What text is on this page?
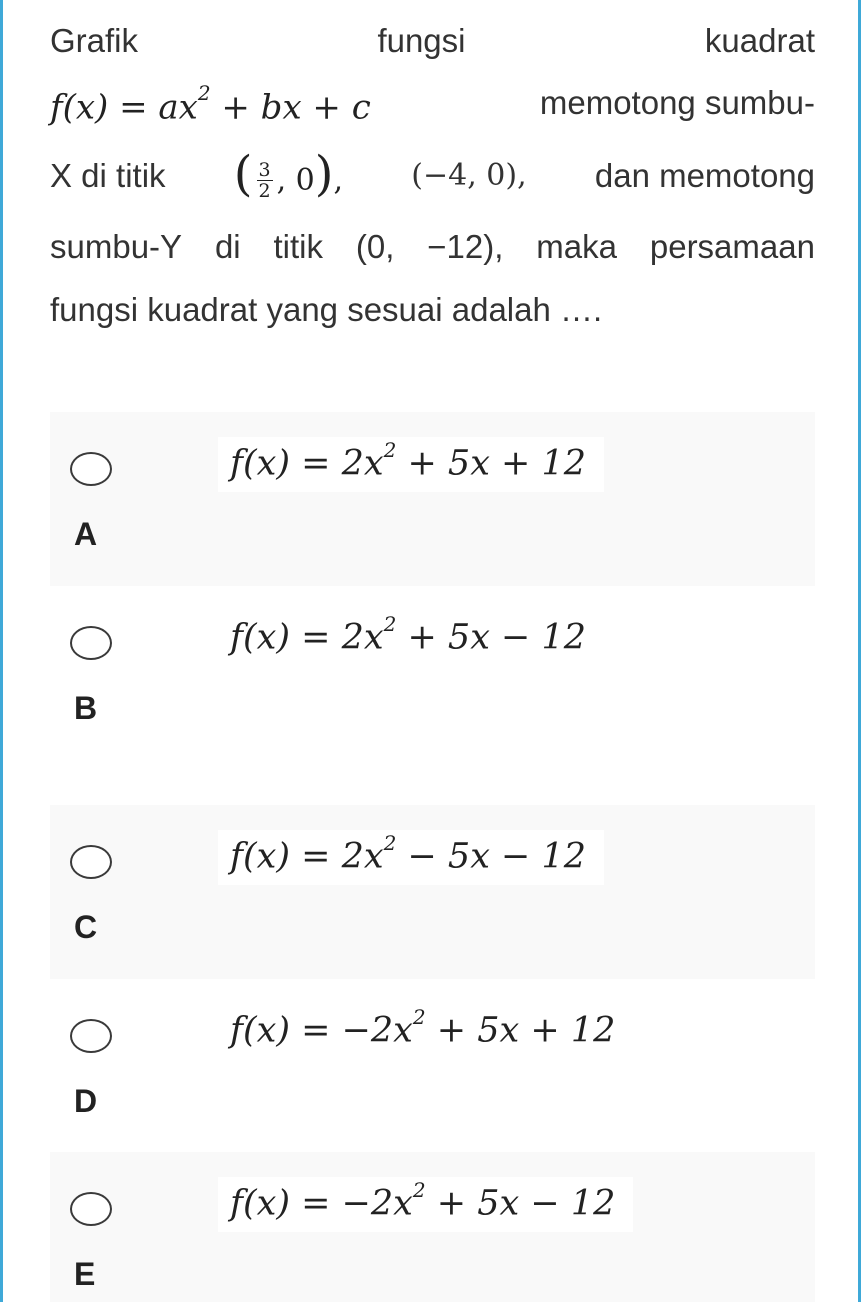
Grafik	fungsi	kuadrat
$f(x) = ax^2$ + bx + c	memotong sumbu-
X di titik ( $\frac{3}{2}$ , 0), (−4, 0), dan memotong
sumbu-Y di titik (0, −12), maka persamaan
fungsi kuadrat yang sesuai adalah ….
$f(x) = 2x^2 + 5x + 12$
A
$f(x) = 2x^2 + 5x - 12$
B
$f(x) = 2x^2 - 5x - 12$
C
$f(x) = -2x^2 + 5x + 12$
D
$f(x) = -2x^2 + 5x - 12$
E
